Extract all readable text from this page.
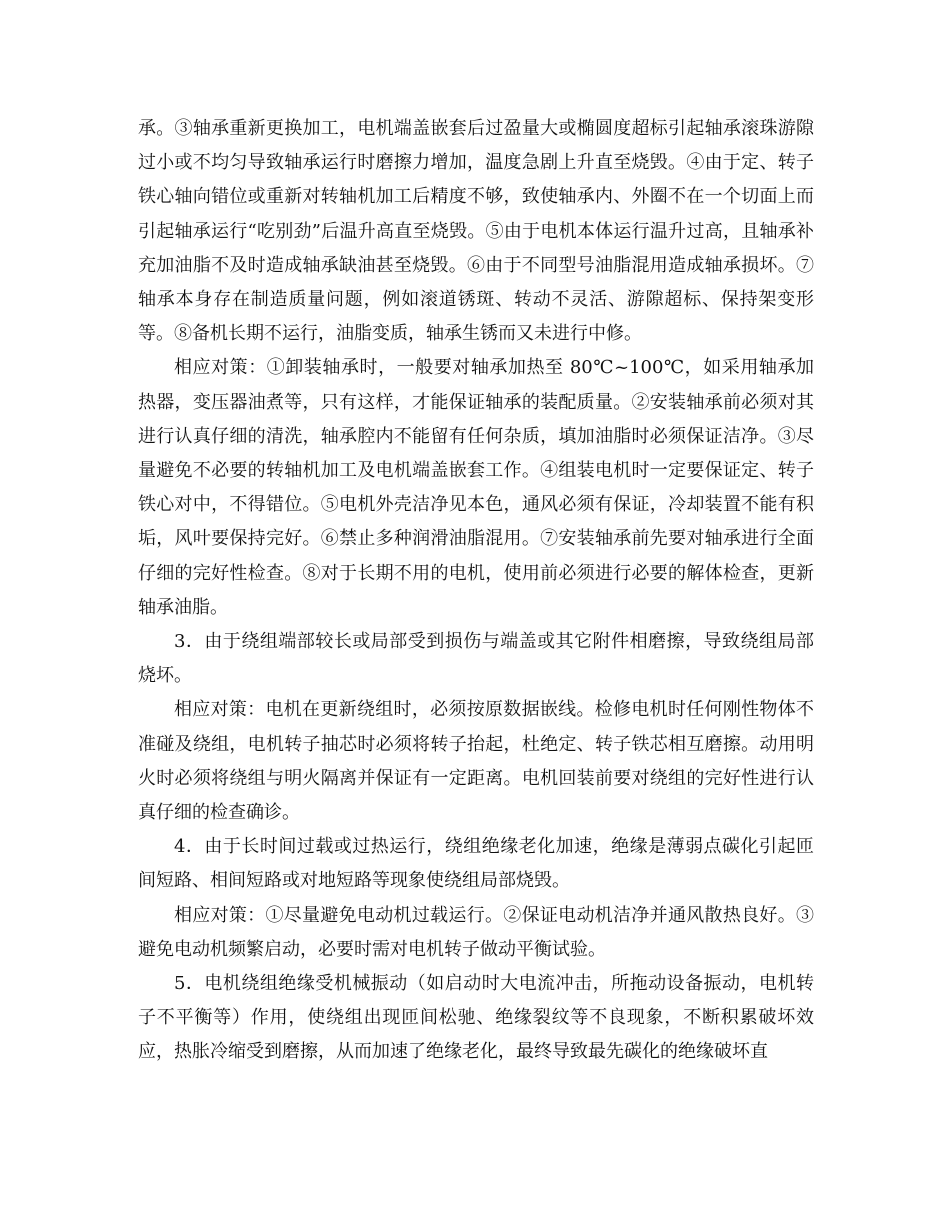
承。③轴承重新更换加工，电机端盖嵌套后过盈量大或椭圆度超标引起轴承滚珠游隙过小或不均匀导致轴承运行时磨擦力增加，温度急剧上升直至烧毁。④由于定、转子铁心轴向错位或重新对转轴机加工后精度不够，致使轴承内、外圈不在一个切面上而引起轴承运行“吃别劲”后温升高直至烧毁。⑤由于电机本体运行温升过高，且轴承补充加油脂不及时造成轴承缺油甚至烧毁。⑥由于不同型号油脂混用造成轴承损坏。⑦轴承本身存在制造质量问题，例如滚道锈斑、转动不灵活、游隙超标、保持架变形等。⑧备机长期不运行，油脂变质，轴承生锈而又未进行中修。

相应对策：①卸装轴承时，一般要对轴承加热至 80℃~100℃，如采用轴承加热器，变压器油煮等，只有这样，才能保证轴承的装配质量。②安装轴承前必须对其进行认真仔细的清洗，轴承腔内不能留有任何杂质，填加油脂时必须保证洁净。③尽量避免不必要的转轴机加工及电机端盖嵌套工作。④组装电机时一定要保证定、转子铁心对中，不得错位。⑤电机外壳洁净见本色，通风必须有保证，冷却装置不能有积垢，风叶要保持完好。⑥禁止多种润滑油脂混用。⑦安装轴承前先要对轴承进行全面仔细的完好性检查。⑧对于长期不用的电机，使用前必须进行必要的解体检查，更新轴承油脂。

3．由于绕组端部较长或局部受到损伤与端盖或其它附件相磨擦，导致绕组局部烧坏。

相应对策：电机在更新绕组时，必须按原数据嵌线。检修电机时任何刚性物体不准碰及绕组，电机转子抽芯时必须将转子抬起，杜绝定、转子铁芯相互磨擦。动用明火时必须将绕组与明火隔离并保证有一定距离。电机回装前要对绕组的完好性进行认真仔细的检查确诊。

4．由于长时间过载或过热运行，绕组绝缘老化加速，绝缘是薄弱点碳化引起匝间短路、相间短路或对地短路等现象使绕组局部烧毁。

相应对策：①尽量避免电动机过载运行。②保证电动机洁净并通风散热良好。③避免电动机频繁启动，必要时需对电机转子做动平衡试验。

5．电机绕组绝缘受机械振动（如启动时大电流冲击，所拖动设备振动，电机转子不平衡等）作用，使绕组出现匝间松驰、绝缘裂纹等不良现象，不断积累破坏效应，热胀冷缩受到磨擦，从而加速了绝缘老化，最终导致最先碳化的绝缘破坏直
